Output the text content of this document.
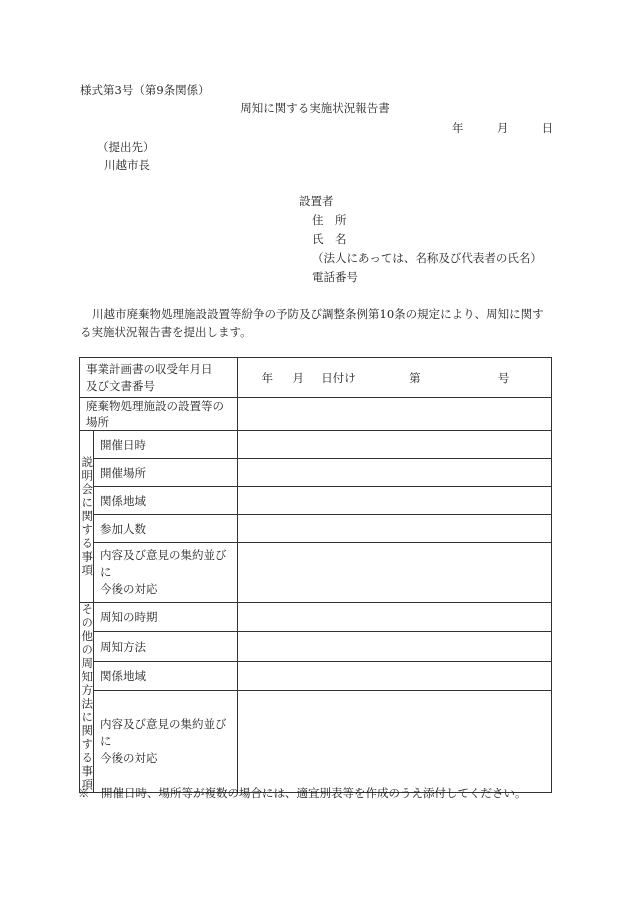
様式第3号（第9条関係）
周知に関する実施状況報告書
年	月	日
（提出先）
川越市長
設置者
住　所
氏　名
（法人にあっては、名称及び代表者の氏名）
電話番号
川越市廃棄物処理施設設置等紛争の予防及び調整条例第10条の規定により、周知に関する実施状況報告書を提出します。
事業計画書の収受年月日
及び文書番号		年 月 日付け 第 号
廃棄物処理施設の設置等の場所		

説明会に関する事項	開催日時	
	開催場所	
	関係地域	
	参加人数	

	内容及び意見の集約並びに
今後の対応	

その他の周知方法に関する事項	周知の時期	
	周知方法	
	関係地域	

	内容及び意見の集約並びに
今後の対応	

※　開催日時、場所等が複数の場合には、適宜別表等を作成のうえ添付してください。
